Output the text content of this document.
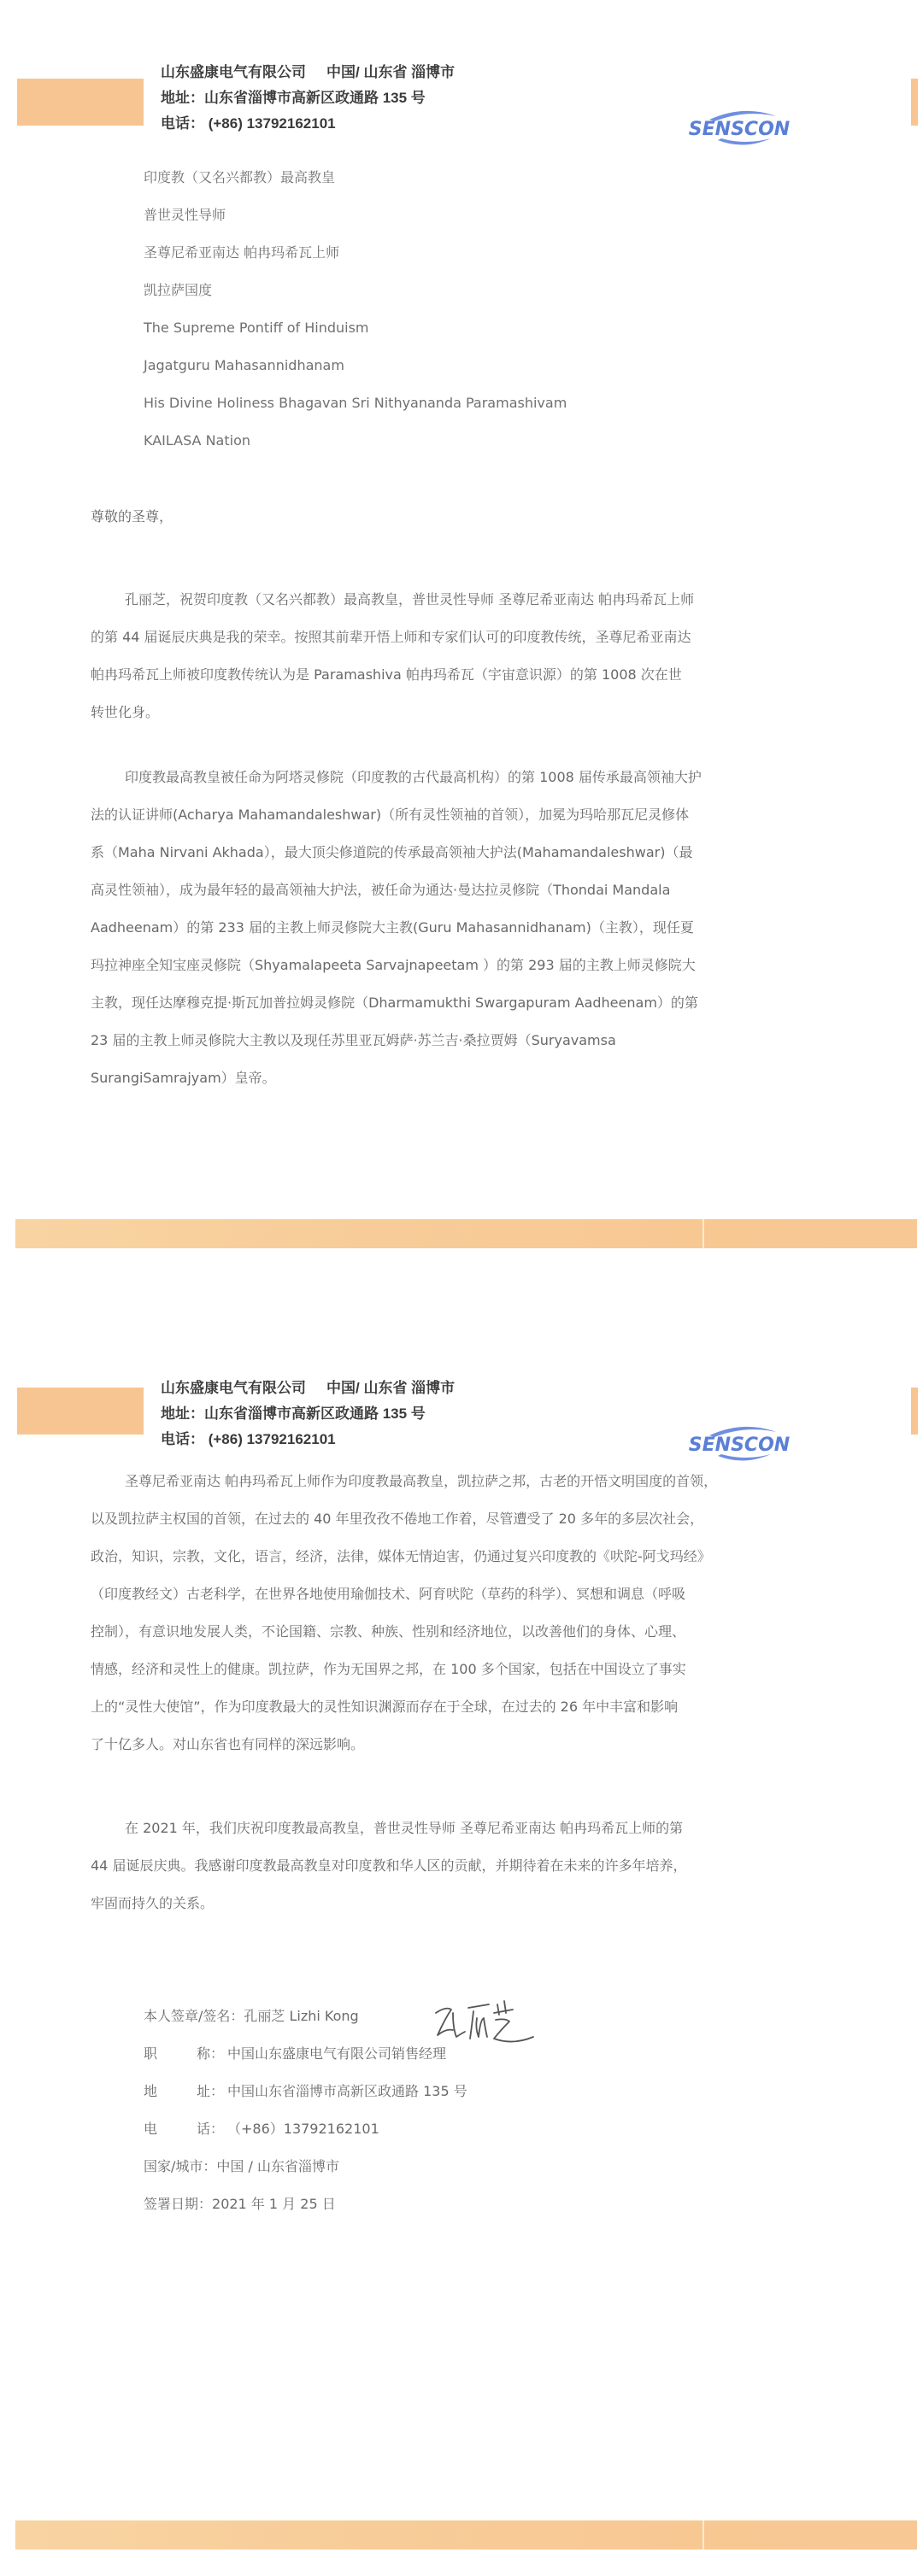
山东盛康电气有限公司 中国/ 山东省 淄博市
地址：山东省淄博市高新区政通路 135 号
电话： (+86) 13792162101	SENSCON
印度教（又名兴都教）最高教皇
普世灵性导师
圣尊尼希亚南达 帕冉玛希瓦上师
凯拉萨国度
The Supreme Pontiff of Hinduism
Jagatguru Mahasannidhanam
His Divine Holiness Bhagavan Sri Nithyananda Paramashivam
KAILASA Nation
尊敬的圣尊，
孔丽芝，祝贺印度教（又名兴都教）最高教皇，普世灵性导师 圣尊尼希亚南达 帕冉玛希瓦上师
的第 44 届诞辰庆典是我的荣幸。按照其前辈开悟上师和专家们认可的印度教传统，圣尊尼希亚南达
帕冉玛希瓦上师被印度教传统认为是 Paramashiva 帕冉玛希瓦（宇宙意识源）的第 1008 次在世
转世化身。
印度教最高教皇被任命为阿塔灵修院（印度教的古代最高机构）的第 1008 届传承最高领袖大护
法的认证讲师(Acharya Mahamandaleshwar)（所有灵性领袖的首领），加冕为玛哈那瓦尼灵修体
系（Maha Nirvani Akhada），最大顶尖修道院的传承最高领袖大护法(Mahamandaleshwar)（最
高灵性领袖），成为最年轻的最高领袖大护法，被任命为通达·曼达拉灵修院（Thondai Mandala
Aadheenam）的第 233 届的主教上师灵修院大主教(Guru Mahasannidhanam)（主教），现任夏
玛拉神座全知宝座灵修院（Shyamalapeeta Sarvajnapeetam ）的第 293 届的主教上师灵修院大
主教，现任达摩穆克提·斯瓦加普拉姆灵修院（Dharmamukthi Swargapuram Aadheenam）的第
23 届的主教上师灵修院大主教以及现任苏里亚瓦姆萨·苏兰吉·桑拉贾姆（Suryavamsa
SurangiSamrajyam）皇帝。
山东盛康电气有限公司 中国/ 山东省 淄博市
地址：山东省淄博市高新区政通路 135 号
电话： (+86) 13792162101	SENSCON
圣尊尼希亚南达 帕冉玛希瓦上师作为印度教最高教皇，凯拉萨之邦，古老的开悟文明国度的首领，
以及凯拉萨主权国的首领，在过去的 40 年里孜孜不倦地工作着，尽管遭受了 20 多年的多层次社会，
政治，知识，宗教，文化，语言，经济，法律，媒体无情迫害，仍通过复兴印度教的《吠陀-阿戈玛经》
（印度教经文）古老科学，在世界各地使用瑜伽技术、阿育吠陀（草药的科学）、冥想和调息（呼吸
控制），有意识地发展人类，不论国籍、宗教、种族、性别和经济地位，以改善他们的身体、心理、
情感，经济和灵性上的健康。凯拉萨，作为无国界之邦，在 100 多个国家，包括在中国设立了事实
上的“灵性大使馆”，作为印度教最大的灵性知识渊源而存在于全球，在过去的 26 年中丰富和影响
了十亿多人。对山东省也有同样的深远影响。
在 2021 年，我们庆祝印度教最高教皇，普世灵性导师 圣尊尼希亚南达 帕冉玛希瓦上师的第
44 届诞辰庆典。我感谢印度教最高教皇对印度教和华人区的贡献，并期待着在未来的许多年培养，
牢固而持久的关系。
本人签章/签名： 孔丽芝 Lizhi Kong
职	称： 中国山东盛康电气有限公司销售经理
地	址： 中国山东省淄博市高新区政通路 135 号
电	话： （+86）13792162101
国家/城市： 中国 / 山东省淄博市
签署日期： 2021 年 1 月 25 日
